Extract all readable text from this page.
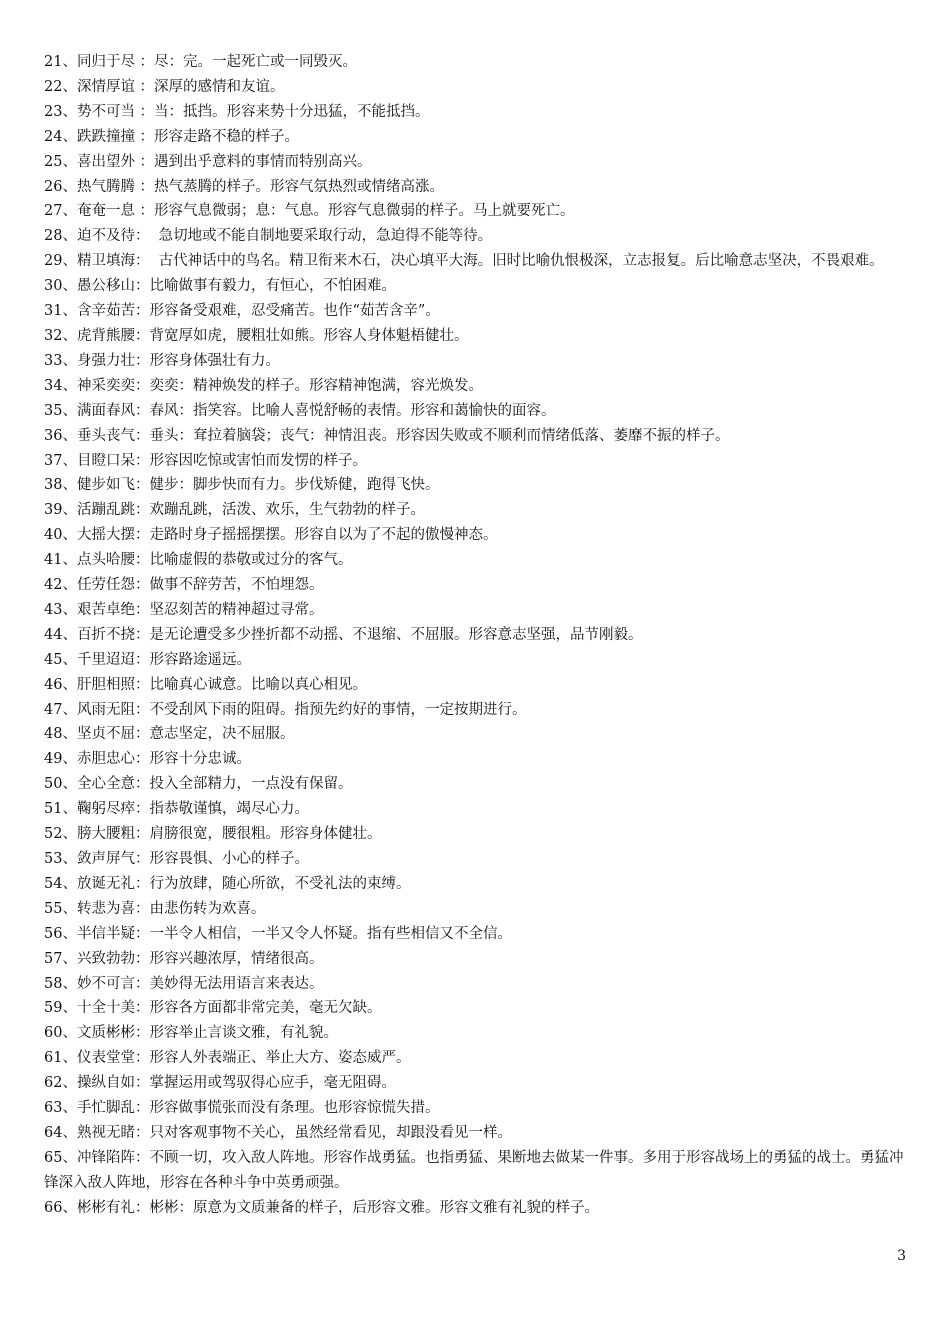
21、同归于尽 ：尽：完。一起死亡或一同毁灭。
22、深情厚谊 ：深厚的感情和友谊。
23、势不可当 ：当：抵挡。形容来势十分迅猛，不能抵挡。
24、跌跌撞撞 ：形容走路不稳的样子。
25、喜出望外 ：遇到出乎意料的事情而特别高兴。
26、热气腾腾 ：热气蒸腾的样子。形容气氛热烈或情绪高涨。
27、奄奄一息 ：形容气息微弱；息：气息。形容气息微弱的样子。马上就要死亡。
28、迫不及待：  急切地或不能自制地要采取行动，急迫得不能等待。
29、精卫填海：  古代神话中的鸟名。精卫衔来木石，决心填平大海。旧时比喻仇恨极深，立志报复。后比喻意志坚决，不畏艰难。
30、愚公移山：比喻做事有毅力，有恒心，不怕困难。
31、含辛茹苦：形容备受艰难，忍受痛苦。也作“茹苦含辛”。
32、虎背熊腰：背宽厚如虎，腰粗壮如熊。形容人身体魁梧健壮。
33、身强力壮：形容身体强壮有力。
34、神采奕奕：奕奕：精神焕发的样子。形容精神饱满，容光焕发。
35、满面春风：春风：指笑容。比喻人喜悦舒畅的表情。形容和蔼愉快的面容。
36、垂头丧气：垂头：耷拉着脑袋；丧气：神情沮丧。形容因失败或不顺利而情绪低落、萎靡不振的样子。
37、目瞪口呆：形容因吃惊或害怕而发愣的样子。
38、健步如飞：健步：脚步快而有力。步伐矫健，跑得飞快。
39、活蹦乱跳：欢蹦乱跳，活泼、欢乐，生气勃勃的样子。
40、大摇大摆：走路时身子摇摇摆摆。形容自以为了不起的傲慢神态。
41、点头哈腰：比喻虚假的恭敬或过分的客气。
42、任劳任怨：做事不辞劳苦，不怕埋怨。
43、艰苦卓绝：坚忍刻苦的精神超过寻常。
44、百折不挠：是无论遭受多少挫折都不动摇、不退缩、不屈服。形容意志坚强，品节刚毅。
45、千里迢迢：形容路途遥远。
46、肝胆相照：比喻真心诚意。比喻以真心相见。
47、风雨无阻：不受刮风下雨的阻碍。指预先约好的事情，一定按期进行。
48、坚贞不屈：意志坚定，决不屈服。
49、赤胆忠心：形容十分忠诚。
50、全心全意：投入全部精力，一点没有保留。
51、鞠躬尽瘁：指恭敬谨慎，竭尽心力。
52、膀大腰粗：肩膀很宽，腰很粗。形容身体健壮。
53、敛声屏气：形容畏惧、小心的样子。
54、放诞无礼：行为放肆，随心所欲，不受礼法的束缚。
55、转悲为喜：由悲伤转为欢喜。
56、半信半疑：一半令人相信，一半又令人怀疑。指有些相信又不全信。
57、兴致勃勃：形容兴趣浓厚，情绪很高。
58、妙不可言：美妙得无法用语言来表达。
59、十全十美：形容各方面都非常完美，毫无欠缺。
60、文质彬彬：形容举止言谈文雅，有礼貌。
61、仪表堂堂：形容人外表端正、举止大方、姿态威严。
62、操纵自如：掌握运用或驾驭得心应手，毫无阻碍。
63、手忙脚乱：形容做事慌张而没有条理。也形容惊慌失措。
64、熟视无睹：只对客观事物不关心，虽然经常看见，却跟没看见一样。
65、冲锋陷阵：不顾一切，攻入敌人阵地。形容作战勇猛。也指勇猛、果断地去做某一件事。多用于形容战场上的勇猛的战士。勇猛冲锋深入敌人阵地，形容在各种斗争中英勇顽强。
66、彬彬有礼：彬彬：原意为文质兼备的样子，后形容文雅。形容文雅有礼貌的样子。
3
